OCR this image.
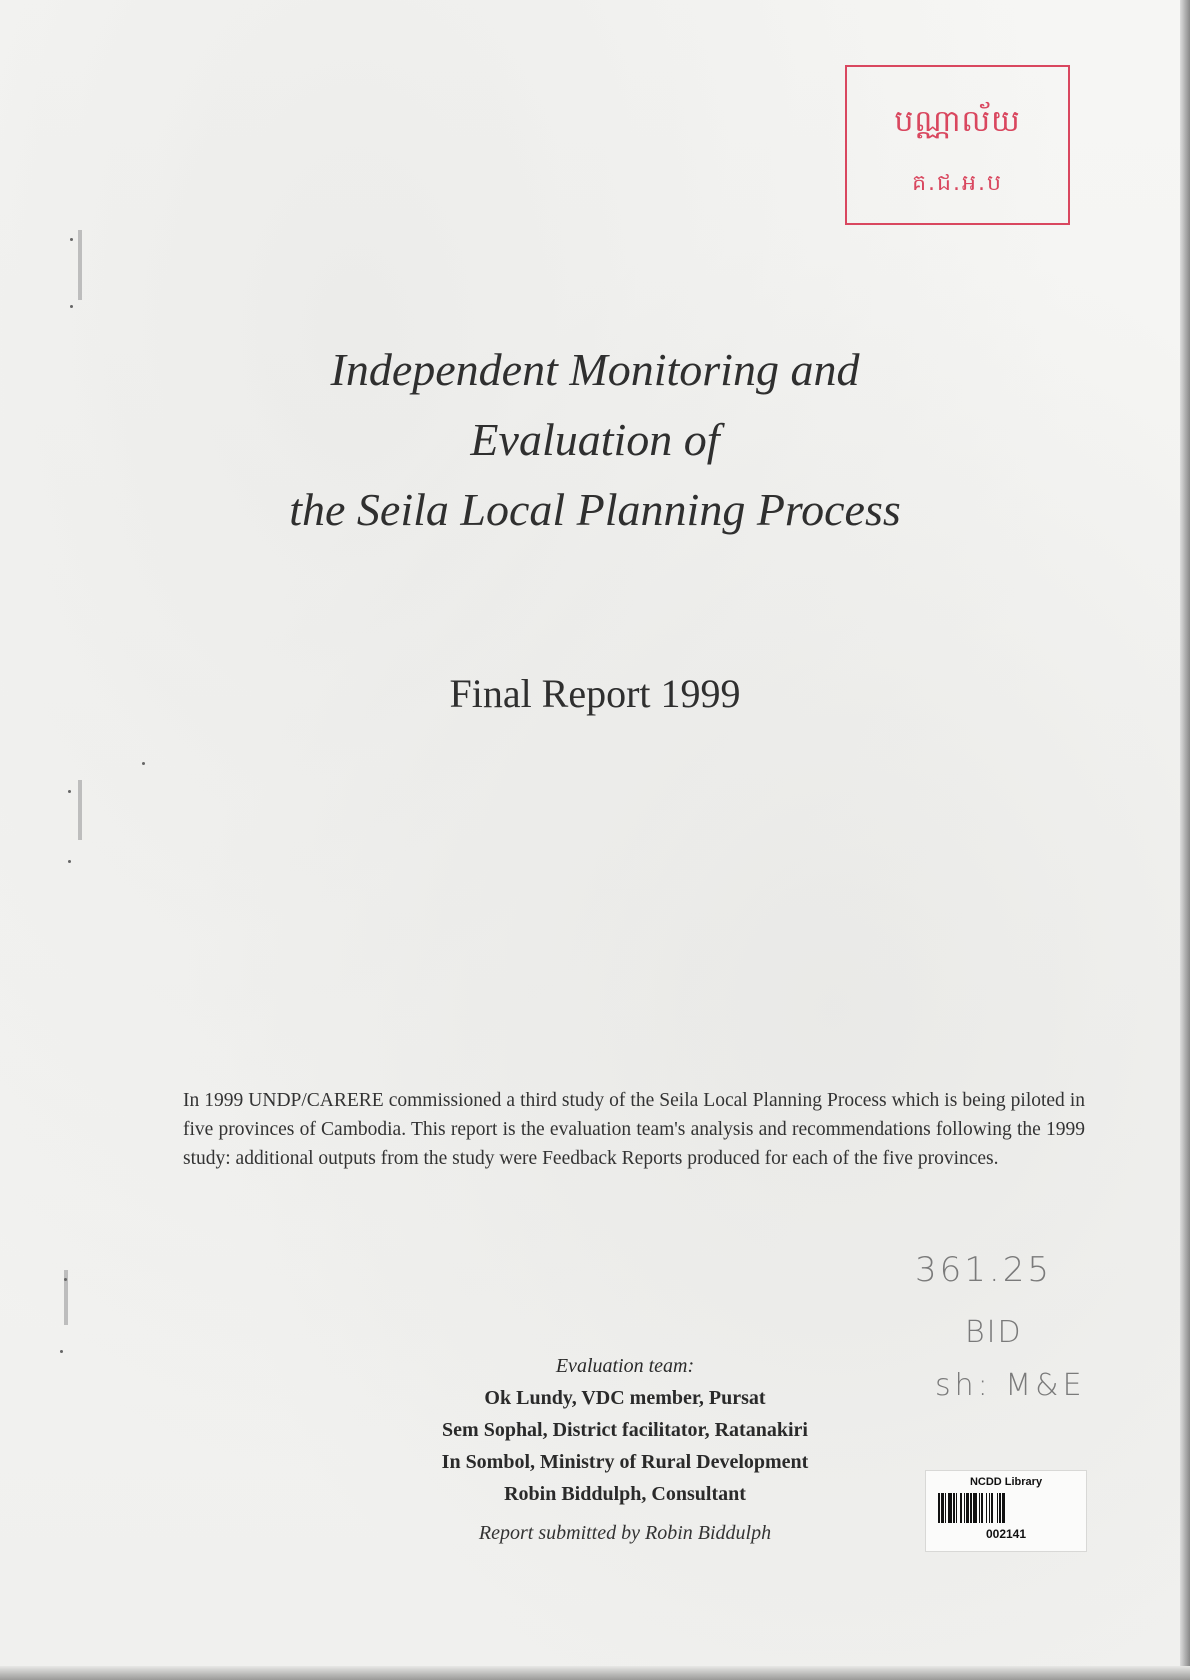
បណ្ណាល័យ
គ.ជ.អ.ប
Independent Monitoring and
Evaluation of
the Seila Local Planning Process
Final Report 1999
In 1999 UNDP/CARERE commissioned a third study of the Seila Local Planning Process which is being piloted in five provinces of Cambodia. This report is the evaluation team's analysis and recommendations following the 1999 study: additional outputs from the study were Feedback Reports produced for each of the five provinces.
Evaluation team:
Ok Lundy, VDC member, Pursat
Sem Sophal, District facilitator, Ratanakiri
In Sombol, Ministry of Rural Development
Robin Biddulph, Consultant
Report submitted by Robin Biddulph
361.25
BID
sh: M&E
NCDD Library
002141
